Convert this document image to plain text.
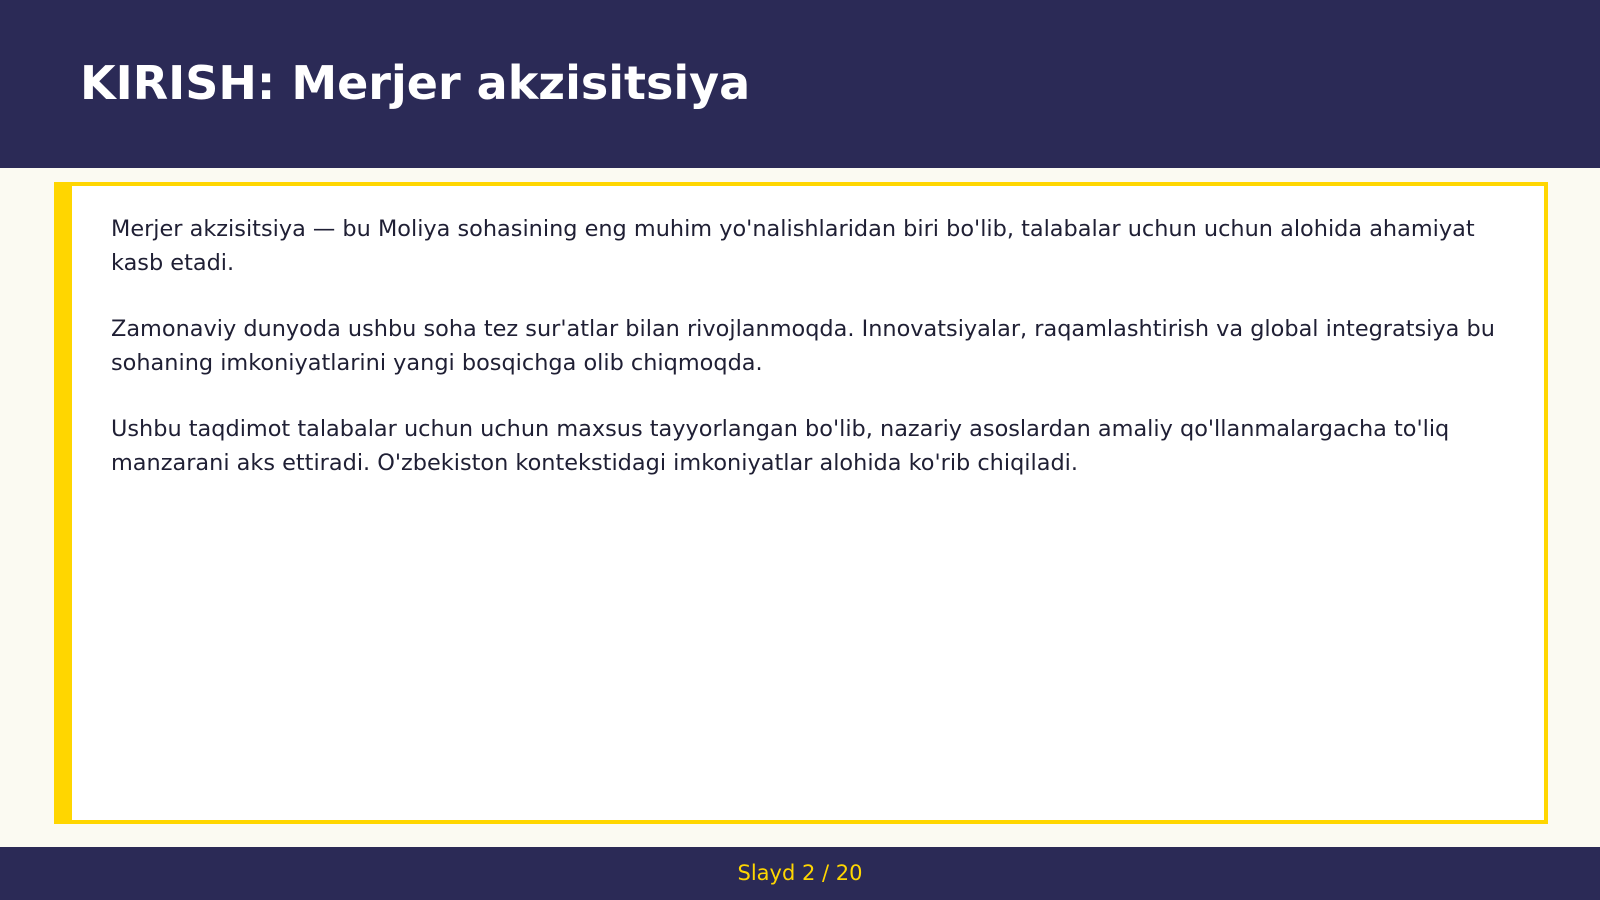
KIRISH: Merjer akzisitsiya

Merjer akzisitsiya — bu Moliya sohasining eng muhim yo'nalishlaridan biri bo'lib, talabalar uchun uchun alohida ahamiyat kasb etadi.

Zamonaviy dunyoda ushbu soha tez sur'atlar bilan rivojlanmoqda. Innovatsiyalar, raqamlashtirish va global integratsiya bu sohaning imkoniyatlarini yangi bosqichga olib chiqmoqda.

Ushbu taqdimot talabalar uchun uchun maxsus tayyorlangan bo'lib, nazariy asoslardan amaliy qo'llanmalargacha to'liq manzarani aks ettiradi. O'zbekiston kontekstidagi imkoniyatlar alohida ko'rib chiqiladi.

Slayd 2 / 20
